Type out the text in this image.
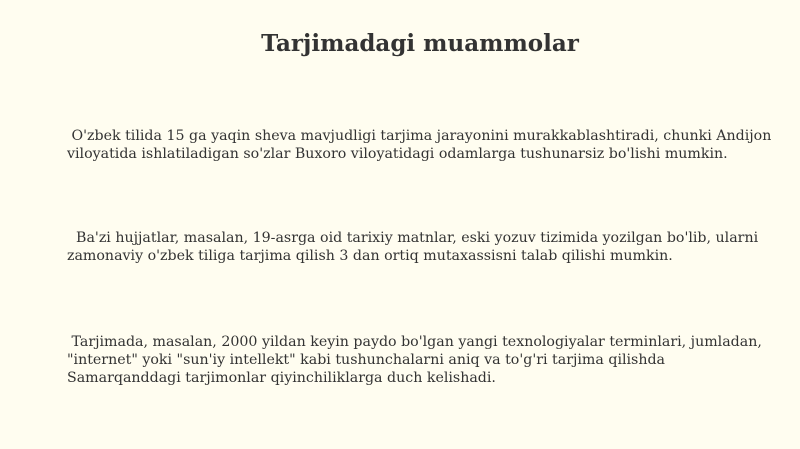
Tarjimadagi muammolar
O'zbek tilida 15 ga yaqin sheva mavjudligi tarjima jarayonini murakkablashtiradi, chunki Andijon viloyatida ishlatiladigan so'zlar Buxoro viloyatidagi odamlarga tushunarsiz bo'lishi mumkin.
Ba'zi hujjatlar, masalan, 19-asrga oid tarixiy matnlar, eski yozuv tizimida yozilgan bo'lib, ularni zamonaviy o'zbek tiliga tarjima qilish 3 dan ortiq mutaxassisni talab qilishi mumkin.
Tarjimada, masalan, 2000 yildan keyin paydo bo'lgan yangi texnologiyalar terminlari, jumladan, "internet" yoki "sun'iy intellekt" kabi tushunchalarni aniq va to'g'ri tarjima qilishda Samarqanddagi tarjimonlar qiyinchiliklarga duch kelishadi.
